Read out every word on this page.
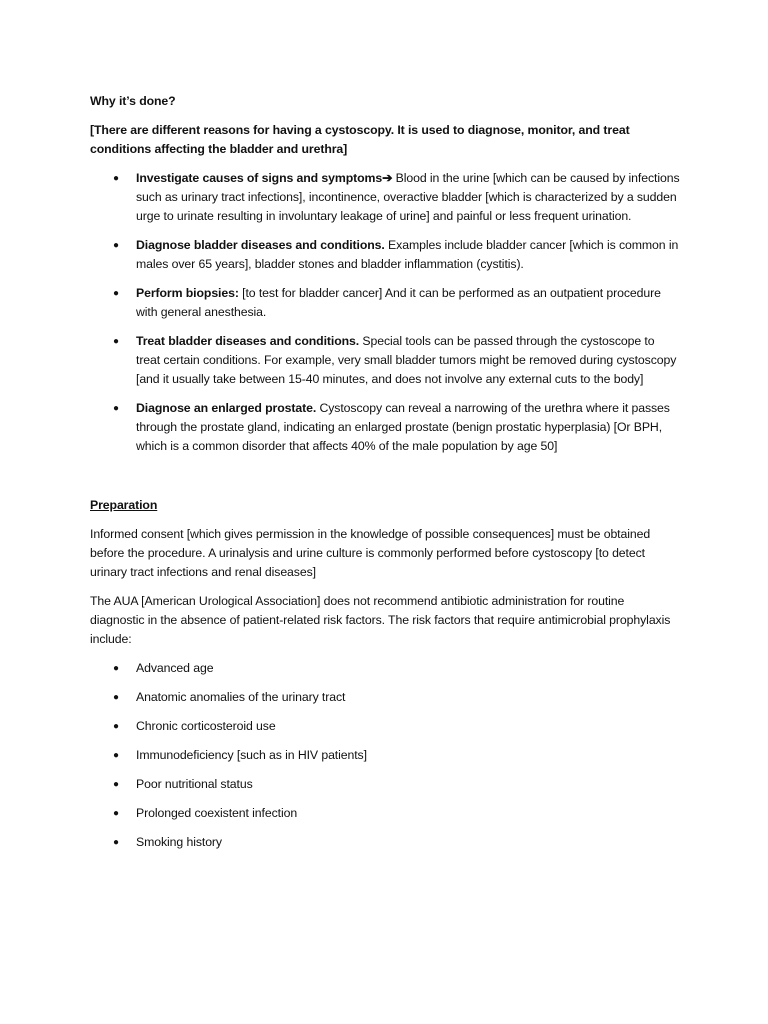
Why it’s done?

[There are different reasons for having a cystoscopy. It is used to diagnose, monitor, and treat conditions affecting the bladder and urethra]

● Investigate causes of signs and symptoms➔ Blood in the urine [which can be caused by infections such as urinary tract infections], incontinence, overactive bladder [which is characterized by a sudden urge to urinate resulting in involuntary leakage of urine] and painful or less frequent urination.
● Diagnose bladder diseases and conditions. Examples include bladder cancer [which is common in males over 65 years], bladder stones and bladder inflammation (cystitis).
● Perform biopsies: [to test for bladder cancer] And it can be performed as an outpatient procedure with general anesthesia.
● Treat bladder diseases and conditions. Special tools can be passed through the cystoscope to treat certain conditions. For example, very small bladder tumors might be removed during cystoscopy [and it usually take between 15-40 minutes, and does not involve any external cuts to the body]
● Diagnose an enlarged prostate. Cystoscopy can reveal a narrowing of the urethra where it passes through the prostate gland, indicating an enlarged prostate (benign prostatic hyperplasia) [Or BPH, which is a common disorder that affects 40% of the male population by age 50]

Preparation

Informed consent [which gives permission in the knowledge of possible consequences] must be obtained before the procedure. A urinalysis and urine culture is commonly performed before cystoscopy [to detect urinary tract infections and renal diseases]

The AUA [American Urological Association] does not recommend antibiotic administration for routine diagnostic in the absence of patient-related risk factors. The risk factors that require antimicrobial prophylaxis include:

● Advanced age
● Anatomic anomalies of the urinary tract
● Chronic corticosteroid use
● Immunodeficiency [such as in HIV patients]
● Poor nutritional status
● Prolonged coexistent infection
● Smoking history
